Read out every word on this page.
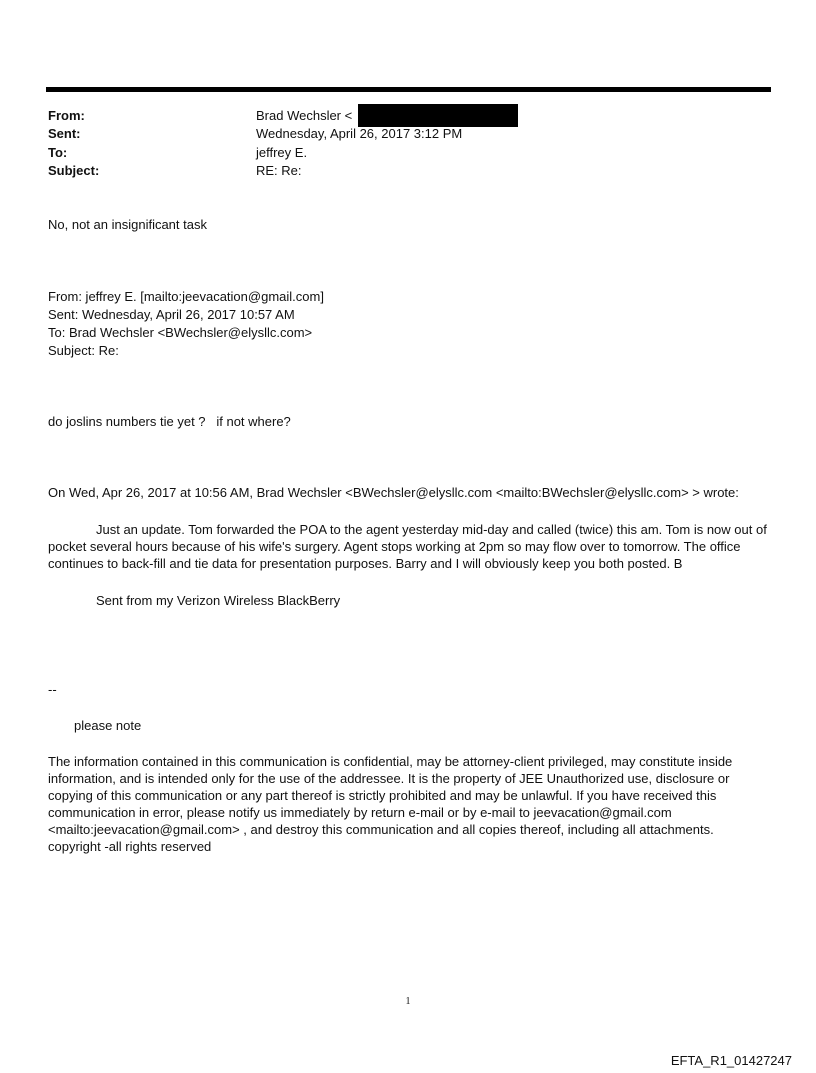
From:	Brad Wechsler <
Sent:	Wednesday, April 26, 2017 3:12 PM
To:	jeffrey E.
Subject:	RE: Re:
No, not an insignificant task
From: jeffrey E. [mailto:jeevacation@gmail.com]
Sent: Wednesday, April 26, 2017 10:57 AM
To: Brad Wechsler <BWechsler@elysllc.com>
Subject: Re:
do joslins numbers tie yet ?   if not where?
On Wed, Apr 26, 2017 at 10:56 AM, Brad Wechsler <BWechsler@elysllc.com <mailto:BWechsler@elysllc.com> > wrote:
Just an update. Tom forwarded the POA to the agent yesterday mid-day and called (twice) this am. Tom is now out of pocket several hours because of his wife's surgery. Agent stops working at 2pm so may flow over to tomorrow. The office continues to back-fill and tie data for presentation purposes. Barry and I will obviously keep you both posted. B
Sent from my Verizon Wireless BlackBerry
--
please note
The information contained in this communication is confidential, may be attorney-client privileged, may constitute inside information, and is intended only for the use of the addressee. It is the property of JEE Unauthorized use, disclosure or copying of this communication or any part thereof is strictly prohibited and may be unlawful. If you have received this communication in error, please notify us immediately by return e-mail or by e-mail to jeevacation@gmail.com <mailto:jeevacation@gmail.com> , and destroy this communication and all copies thereof, including all attachments. copyright -all rights reserved
1
EFTA_R1_01427247
